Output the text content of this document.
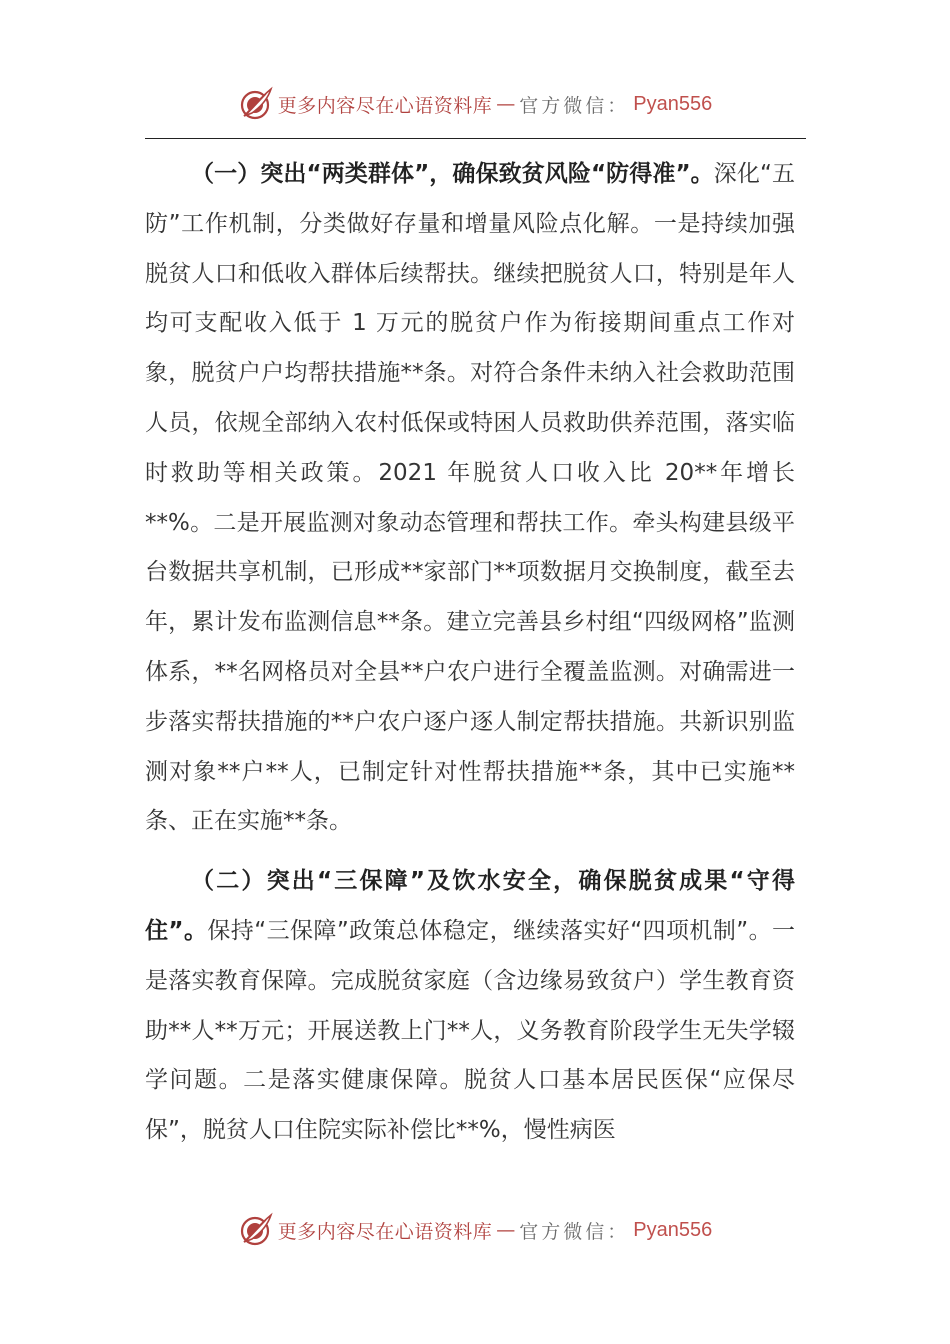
更多内容尽在心语资料库 — 官方微信： Pyan556

（一）突出“两类群体”，确保致贫风险“防得准”。深化“五防”工作机制，分类做好存量和增量风险点化解。一是持续加强脱贫人口和低收入群体后续帮扶。继续把脱贫人口，特别是年人均可支配收入低于 1 万元的脱贫户作为衔接期间重点工作对象，脱贫户户均帮扶措施**条。对符合条件未纳入社会救助范围人员，依规全部纳入农村低保或特困人员救助供养范围，落实临时救助等相关政策。2021 年脱贫人口收入比 20**年增长**%。二是开展监测对象动态管理和帮扶工作。牵头构建县级平台数据共享机制，已形成**家部门**项数据月交换制度，截至去年，累计发布监测信息**条。建立完善县乡村组“四级网格”监测体系，**名网格员对全县**户农户进行全覆盖监测。对确需进一步落实帮扶措施的**户农户逐户逐人制定帮扶措施。共新识别监测对象**户**人，已制定针对性帮扶措施**条，其中已实施**条、正在实施**条。

（二）突出“三保障”及饮水安全，确保脱贫成果“守得住”。保持“三保障”政策总体稳定，继续落实好“四项机制”。一是落实教育保障。完成脱贫家庭（含边缘易致贫户）学生教育资助**人**万元；开展送教上门**人，义务教育阶段学生无失学辍学问题。二是落实健康保障。脱贫人口基本居民医保“应保尽保”，脱贫人口住院实际补偿比**%，慢性病医

更多内容尽在心语资料库 — 官方微信： Pyan556
